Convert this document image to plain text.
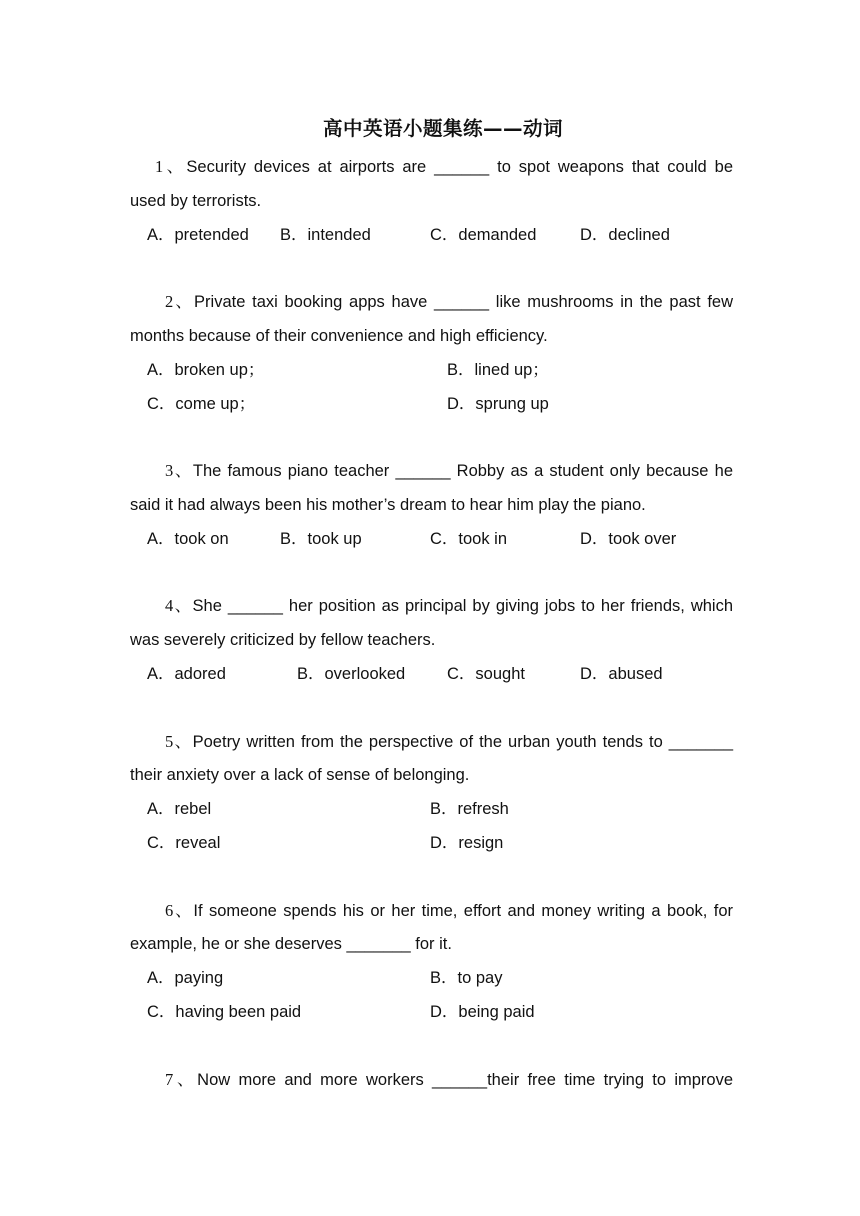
高中英语小题集练——动词
1、Security devices at airports are ______ to spot weapons that could be
used by terrorists.
A．pretended B．intended	C．demanded	D．declined
2、Private taxi booking apps have ______ like mushrooms in the past few
months because of their convenience and high efficiency.
A．broken up；	B．lined up；
C．come up；	D．sprung up
3、The famous piano teacher ______ Robby as a student only because he
said it had always been his mother’s dream to hear him play the piano.
A．took on	B．took up	C．took in	D．took over
4、She ______ her position as principal by giving jobs to her friends, which
was severely criticized by fellow teachers.
A．adored	B．overlooked	C．sought	D．abused
5、Poetry written from the perspective of the urban youth tends to _______
their anxiety over a lack of sense of belonging.
A．rebel	B．refresh
C．reveal	D．resign
6、If someone spends his or her time, effort and money writing a book, for
example, he or she deserves _______ for it.
A．paying	B．to pay
C．having been paid	D．being paid
7、Now more and more workers ______their free time trying to improve
